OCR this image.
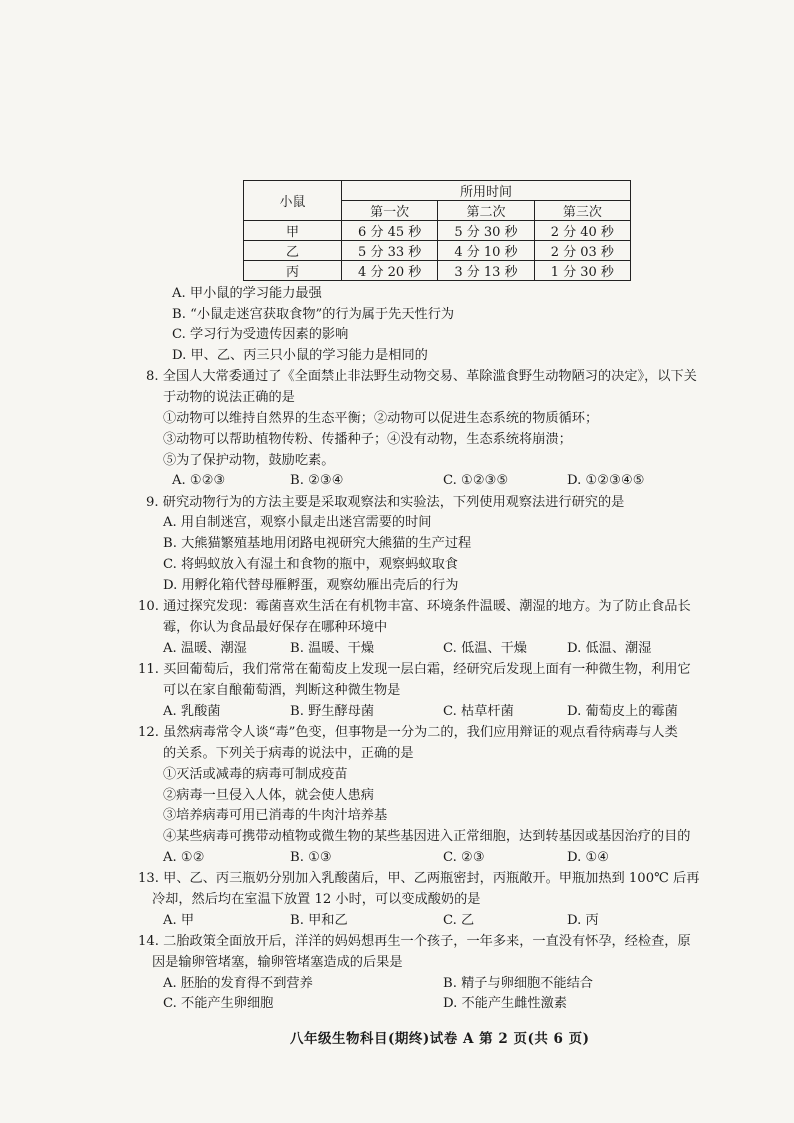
小鼠	所用时间		
	第一次	第二次	第三次
甲	6 分 45 秒	5 分 30 秒	2 分 40 秒
乙	5 分 33 秒	4 分 10 秒	2 分 03 秒
丙	4 分 20 秒	3 分 13 秒	1 分 30 秒
A. 甲小鼠的学习能力最强
B. “小鼠走迷宫获取食物”的行为属于先天性行为
C. 学习行为受遗传因素的影响
D. 甲、乙、丙三只小鼠的学习能力是相同的
8. 全国人大常委通过了《全面禁止非法野生动物交易、革除滥食野生动物陋习的决定》，以下关
于动物的说法正确的是
①动物可以维持自然界的生态平衡；②动物可以促进生态系统的物质循环；
③动物可以帮助植物传粉、传播种子；④没有动物，生态系统将崩溃；
⑤为了保护动物，鼓励吃素。
A. ①②③	B. ②③④	C. ①②③⑤	D. ①②③④⑤
9. 研究动物行为的方法主要是采取观察法和实验法，下列使用观察法进行研究的是
A. 用自制迷宫，观察小鼠走出迷宫需要的时间
B. 大熊猫繁殖基地用闭路电视研究大熊猫的生产过程
C. 将蚂蚁放入有湿土和食物的瓶中，观察蚂蚁取食
D. 用孵化箱代替母雁孵蛋，观察幼雁出壳后的行为
10. 通过探究发现：霉菌喜欢生活在有机物丰富、环境条件温暖、潮湿的地方。为了防止食品长
霉，你认为食品最好保存在哪种环境中
A. 温暖、潮湿	B. 温暖、干燥	C. 低温、干燥	D. 低温、潮湿
11. 买回葡萄后，我们常常在葡萄皮上发现一层白霜，经研究后发现上面有一种微生物，利用它
可以在家自酿葡萄酒，判断这种微生物是
A. 乳酸菌	B. 野生酵母菌	C. 枯草杆菌	D. 葡萄皮上的霉菌
12. 虽然病毒常令人谈“毒”色变，但事物是一分为二的，我们应用辩证的观点看待病毒与人类
的关系。下列关于病毒的说法中，正确的是
①灭活或减毒的病毒可制成疫苗
②病毒一旦侵入人体，就会使人患病
③培养病毒可用已消毒的牛肉汁培养基
④某些病毒可携带动植物或微生物的某些基因进入正常细胞，达到转基因或基因治疗的目的
A. ①②	B. ①③	C. ②③	D. ①④
13. 甲、乙、丙三瓶奶分别加入乳酸菌后，甲、乙两瓶密封，丙瓶敞开。甲瓶加热到 100℃ 后再
冷却，然后均在室温下放置 12 小时，可以变成酸奶的是
A. 甲	B. 甲和乙	C. 乙	D. 丙
14. 二胎政策全面放开后，洋洋的妈妈想再生一个孩子，一年多来，一直没有怀孕，经检查，原
因是输卵管堵塞，输卵管堵塞造成的后果是
A. 胚胎的发育得不到营养	B. 精子与卵细胞不能结合
C. 不能产生卵细胞	D. 不能产生雌性激素
八年级生物科目(期终)试卷 A 第 2 页(共 6 页)
